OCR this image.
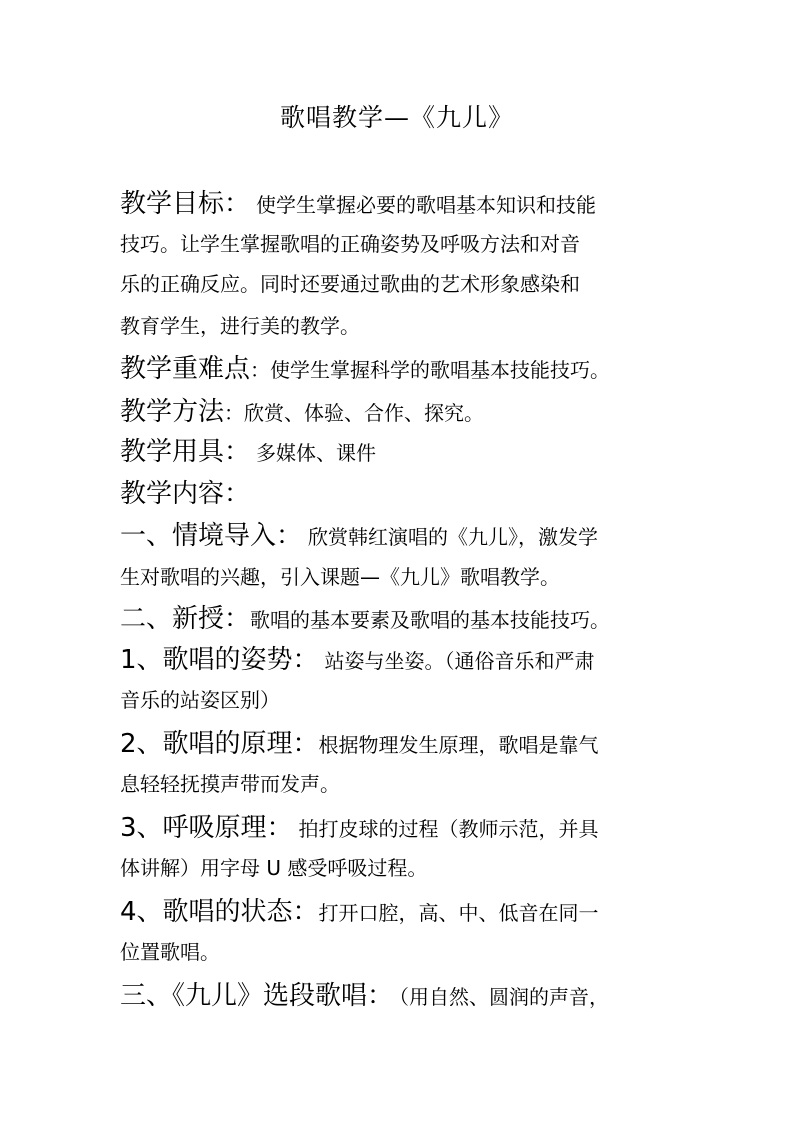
歌唱教学—《九儿》
教学目标： 使学生掌握必要的歌唱基本知识和技能
技巧。让学生掌握歌唱的正确姿势及呼吸方法和对音
乐的正确反应。同时还要通过歌曲的艺术形象感染和
教育学生，进行美的教学。
教学重难点：使学生掌握科学的歌唱基本技能技巧。
教学方法：欣赏、体验、合作、探究。
教学用具： 多媒体、课件
教学内容：
一、情境导入： 欣赏韩红演唱的《九儿》，激发学
生对歌唱的兴趣，引入课题—《九儿》歌唱教学。
二、新授：歌唱的基本要素及歌唱的基本技能技巧。
1、歌唱的姿势： 站姿与坐姿。（通俗音乐和严肃
音乐的站姿区别）
2、歌唱的原理：根据物理发生原理，歌唱是靠气
息轻轻抚摸声带而发声。
3、呼吸原理： 拍打皮球的过程（教师示范，并具
体讲解）用字母 U 感受呼吸过程。
4、歌唱的状态：打开口腔，高、中、低音在同一
位置歌唱。
三、《九儿》选段歌唱： （用自然、圆润的声音，
